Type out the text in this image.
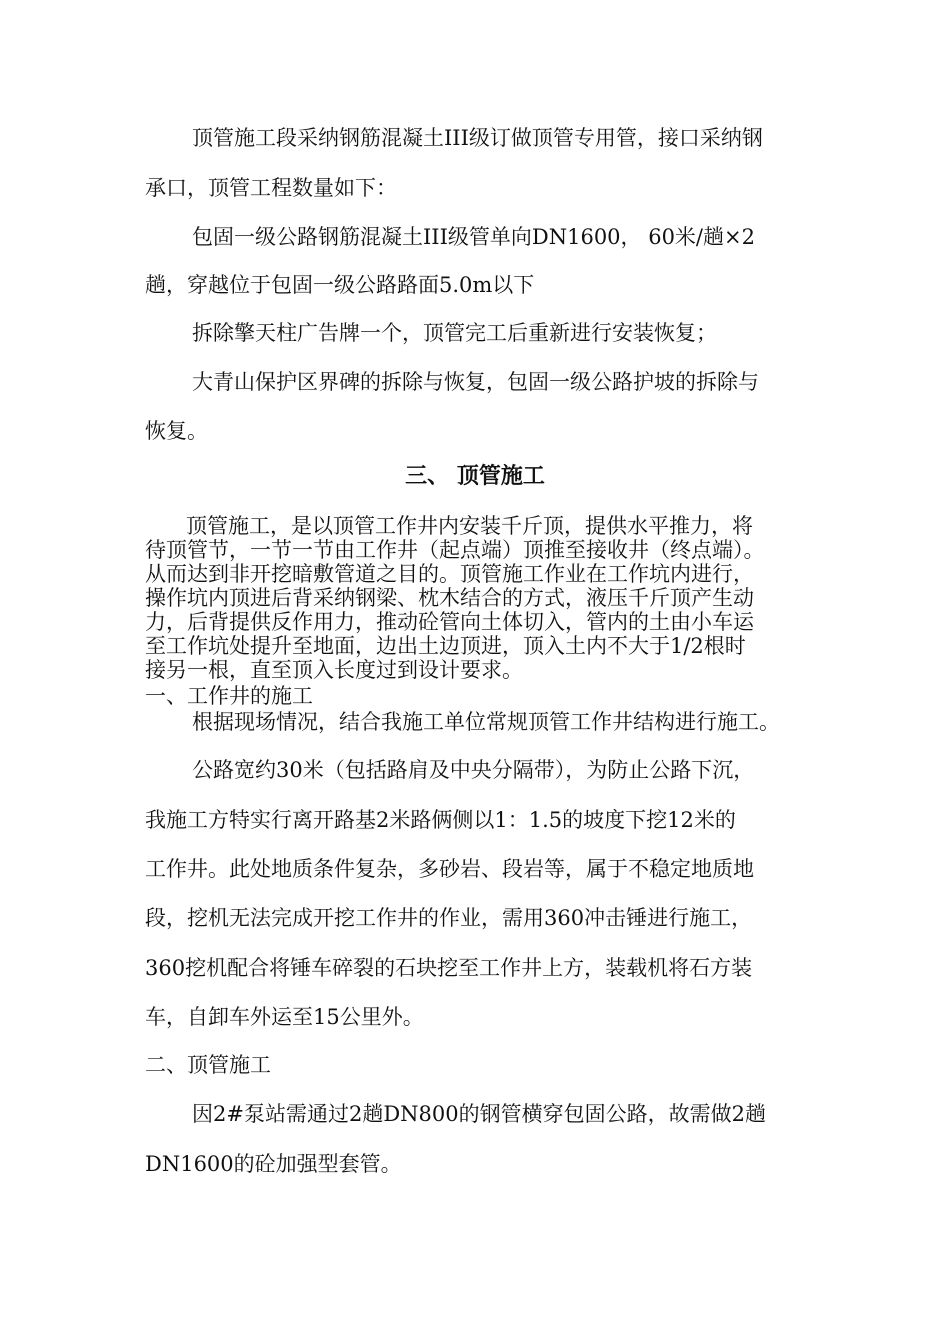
顶管施工段采纳钢筋混凝土III级订做顶管专用管，接口采纳钢
承口，顶管工程数量如下：
包固一级公路钢筋混凝土III级管单向DN1600， 60米/趟×2
趟，穿越位于包固一级公路路面5.0m以下
拆除擎天柱广告牌一个，顶管完工后重新进行安装恢复；
大青山保护区界碑的拆除与恢复，包固一级公路护坡的拆除与
恢复。
三、 顶管施工
顶管施工，是以顶管工作井内安装千斤顶，提供水平推力，将
待顶管节，一节一节由工作井（起点端）顶推至接收井（终点端）。
从而达到非开挖暗敷管道之目的。顶管施工作业在工作坑内进行，
操作坑内顶进后背采纳钢梁、枕木结合的方式，液压千斤顶产生动
力，后背提供反作用力，推动砼管向土体切入，管内的土由小车运
至工作坑处提升至地面，边出土边顶进，顶入土内不大于1/2根时
接另一根，直至顶入长度过到设计要求。
一、工作井的施工
根据现场情况，结合我施工单位常规顶管工作井结构进行施工。
公路宽约30米（包括路肩及中央分隔带），为防止公路下沉，
我施工方特实行离开路基2米路俩侧以1：1.5的坡度下挖12米的
工作井。此处地质条件复杂，多砂岩、段岩等，属于不稳定地质地
段，挖机无法完成开挖工作井的作业，需用360冲击锤进行施工，
360挖机配合将锤车碎裂的石块挖至工作井上方，装载机将石方装
车，自卸车外运至15公里外。
二、顶管施工
因2#泵站需通过2趟DN800的钢管横穿包固公路，故需做2趟
DN1600的砼加强型套管。
